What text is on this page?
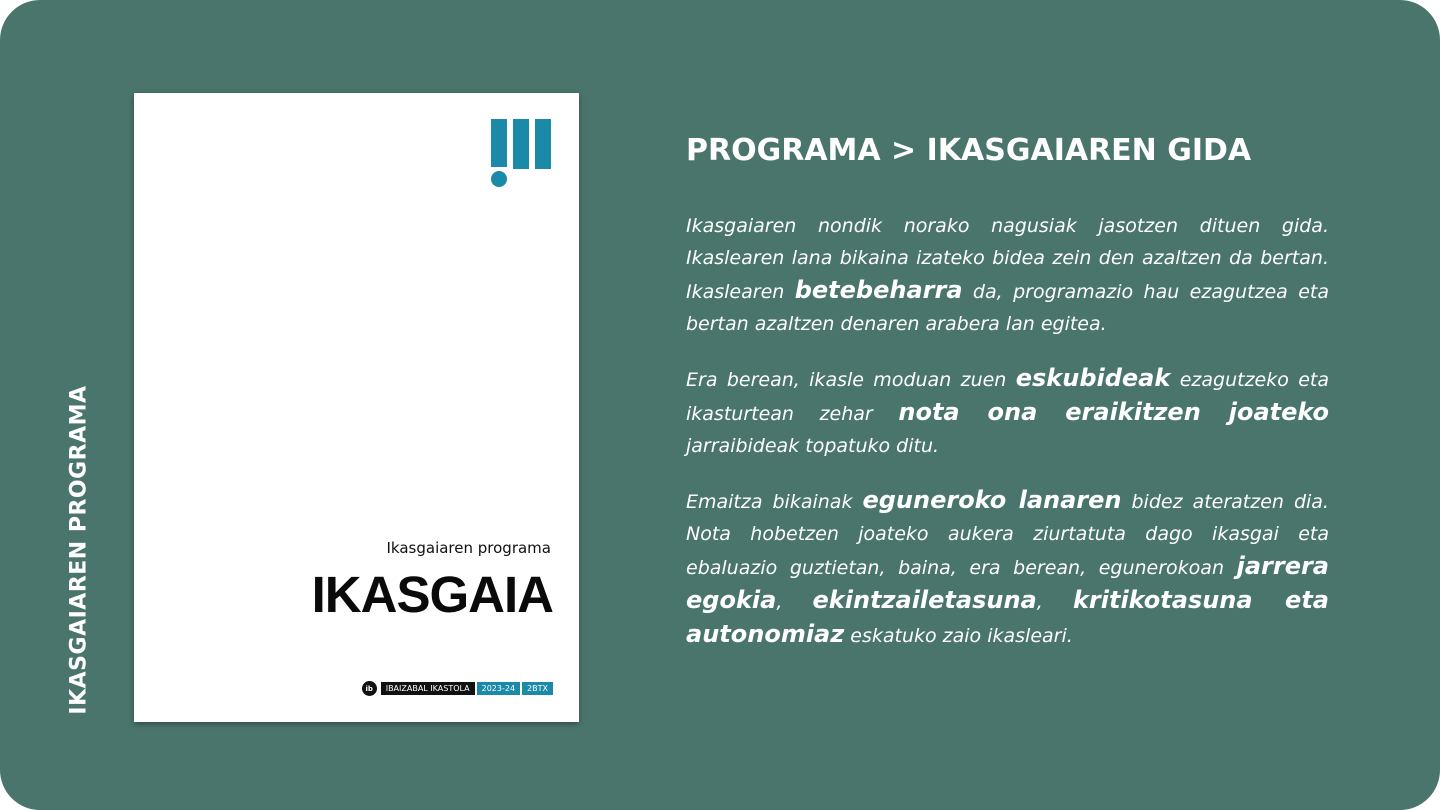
IKASGAIAREN PROGRAMA	Ikasgaiaren programa
IKASGAIA
ib	IBAIZABAL IKASTOLA	2023-24	2BTX
PROGRAMA > IKASGAIAREN GIDA

Ikasgaiaren nondik norako nagusiak jasotzen dituen gida. Ikaslearen lana bikaina izateko bidea zein den azaltzen da bertan. Ikaslearen betebeharra da, programazio hau ezagutzea eta bertan azaltzen denaren arabera lan egitea.

Era berean, ikasle moduan zuen eskubideak ezagutzeko eta ikasturtean zehar nota ona eraikitzen joateko jarraibideak topatuko ditu.

Emaitza bikainak eguneroko lanaren bidez ateratzen dia. Nota hobetzen joateko aukera ziurtatuta dago ikasgai eta ebaluazio guztietan, baina, era berean, egunerokoan jarrera egokia, ekintzailetasuna, kritikotasuna eta autonomiaz eskatuko zaio ikasleari.
